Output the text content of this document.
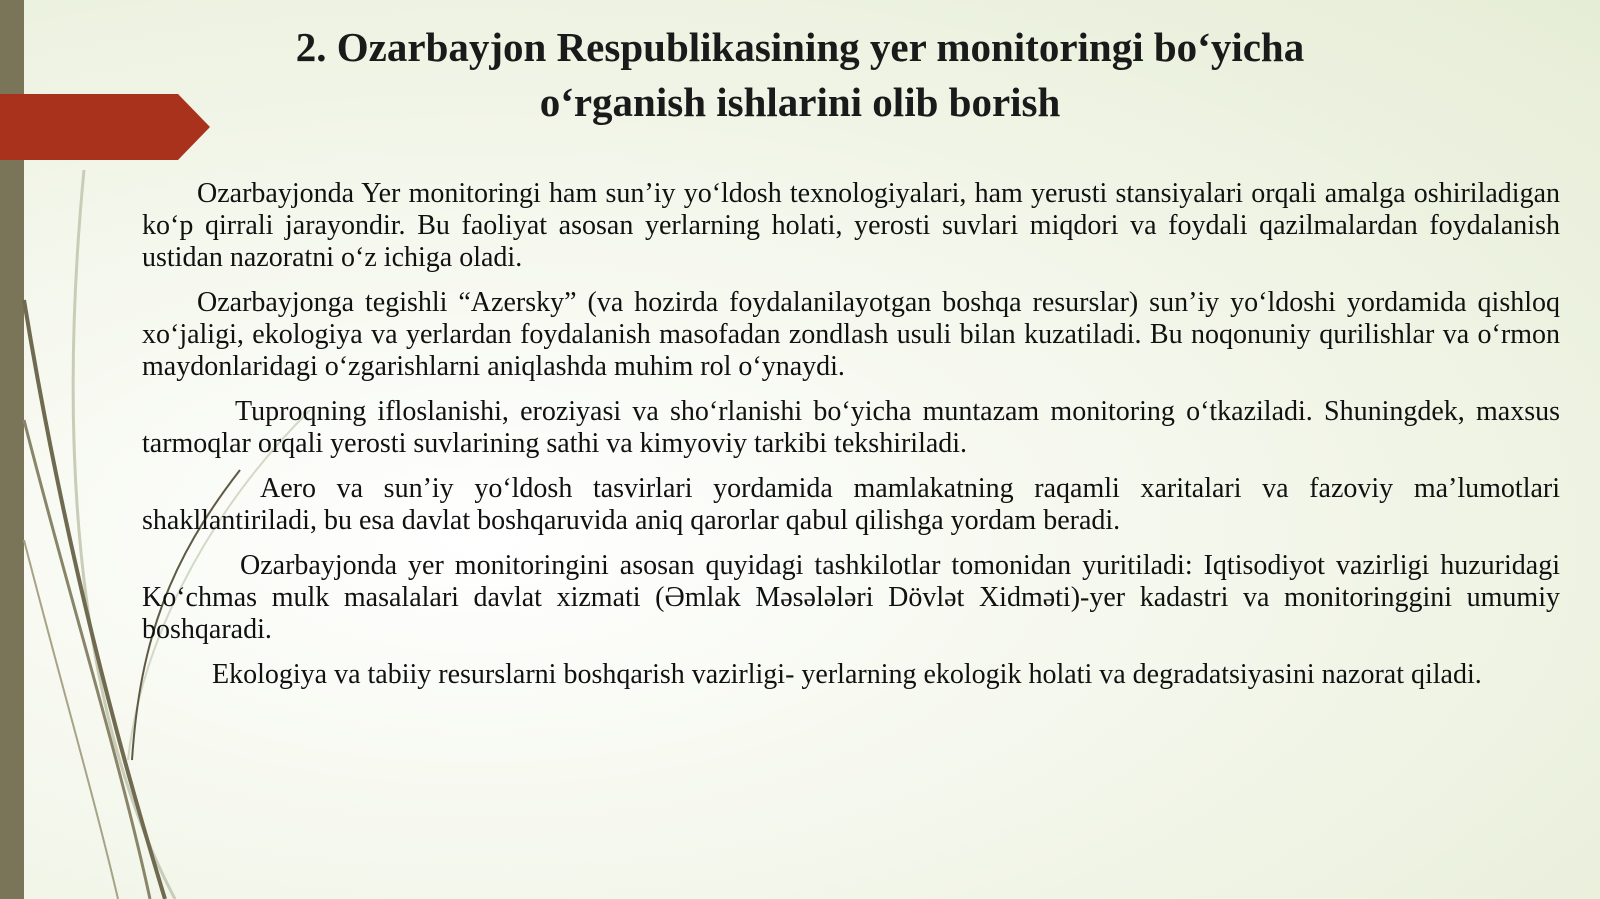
2. Ozarbayjon Respublikasining yer monitoringi bo‘yicha
o‘rganish ishlarini olib borish

Ozarbayjonda Yer monitoringi ham sun’iy yo‘ldosh texnologiyalari, ham yerusti stansiyalari orqali amalga oshiriladigan ko‘p qirrali jarayondir. Bu faoliyat asosan yerlarning holati, yerosti suvlari miqdori va foydali qazilmalardan foydalanish ustidan nazoratni o‘z ichiga oladi.

Ozarbayjonga tegishli “Azersky” (va hozirda foydalanilayotgan boshqa resurslar) sun’iy yo‘ldoshi yordamida qishloq xo‘jaligi, ekologiya va yerlardan foydalanish masofadan zondlash usuli bilan kuzatiladi. Bu noqonuniy qurilishlar va o‘rmon maydonlaridagi o‘zgarishlarni aniqlashda muhim rol o‘ynaydi.

Tuproqning ifloslanishi, eroziyasi va sho‘rlanishi bo‘yicha muntazam monitoring o‘tkaziladi. Shuningdek, maxsus tarmoqlar orqali yerosti suvlarining sathi va kimyoviy tarkibi tekshiriladi.

Aero va sun’iy yo‘ldosh tasvirlari yordamida mamlakatning raqamli xaritalari va fazoviy ma’lumotlari shakllantiriladi, bu esa davlat boshqaruvida aniq qarorlar qabul qilishga yordam beradi.

Ozarbayjonda yer monitoringini asosan quyidagi tashkilotlar tomonidan yuritiladi: Iqtisodiyot vazirligi huzuridagi Ko‘chmas mulk masalalari davlat xizmati (Əmlak Məsələləri Dövlət Xidməti)-yer kadastri va monitoringgini umumiy boshqaradi.

Ekologiya va tabiiy resurslarni boshqarish vazirligi- yerlarning ekologik holati va degradatsiyasini nazorat qiladi.
